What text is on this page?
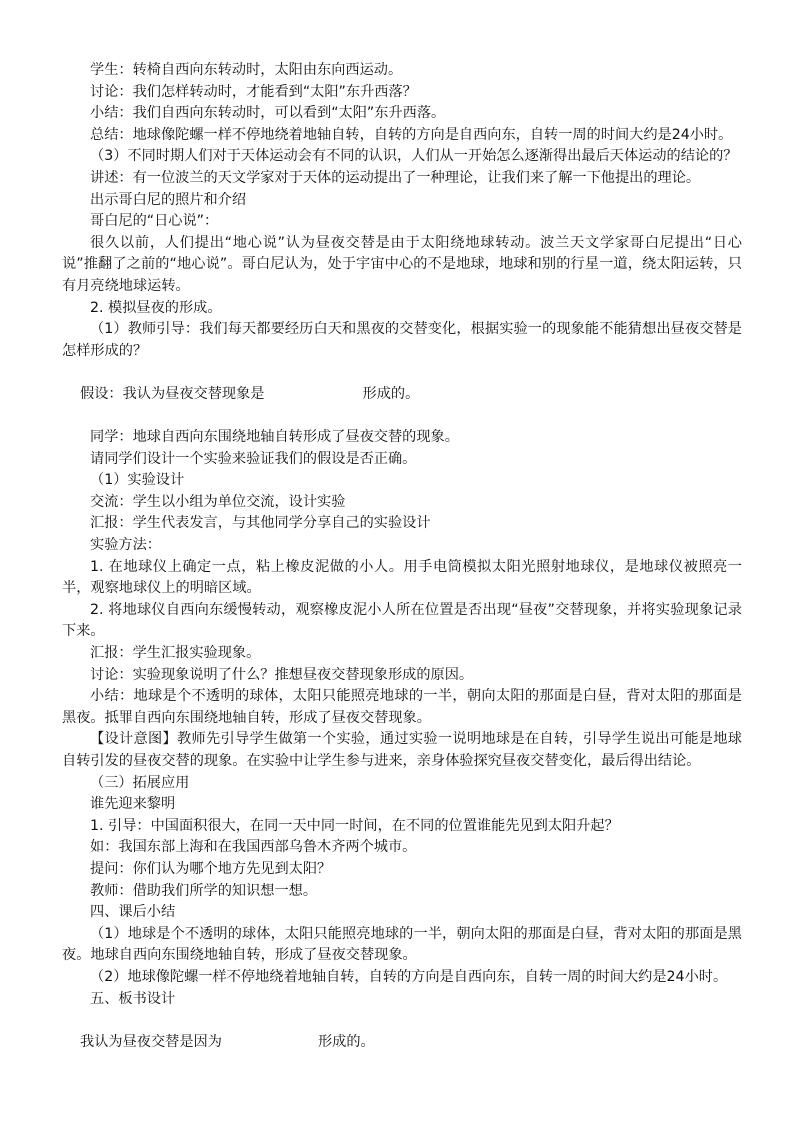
学生：转椅自西向东转动时，太阳由东向西运动。

讨论：我们怎样转动时，才能看到“太阳”东升西落？

小结：我们自西向东转动时，可以看到“太阳”东升西落。

总结：地球像陀螺一样不停地绕着地轴自转，自转的方向是自西向东，自转一周的时间大约是24小时。

（3）不同时期人们对于天体运动会有不同的认识，人们从一开始怎么逐渐得出最后天体运动的结论的？

讲述：有一位波兰的天文学家对于天体的运动提出了一种理论，让我们来了解一下他提出的理论。

出示哥白尼的照片和介绍

哥白尼的“日心说”：

很久以前，人们提出“地心说”认为昼夜交替是由于太阳绕地球转动。波兰天文学家哥白尼提出“日心说”推翻了之前的“地心说”。哥白尼认为，处于宇宙中心的不是地球，地球和别的行星一道，绕太阳运转，只有月亮绕地球运转。

2. 模拟昼夜的形成。

（1）教师引导：我们每天都要经历白天和黑夜的交替变化，根据实验一的现象能不能猜想出昼夜交替是怎样形成的？

假设：我认为昼夜交替现象是	形成的。

同学：地球自西向东围绕地轴自转形成了昼夜交替的现象。

请同学们设计一个实验来验证我们的假设是否正确。

（1）实验设计

交流：学生以小组为单位交流，设计实验

汇报：学生代表发言，与其他同学分享自己的实验设计

实验方法：

1. 在地球仪上确定一点，粘上橡皮泥做的小人。用手电筒模拟太阳光照射地球仪，是地球仪被照亮一半，观察地球仪上的明暗区域。

2. 将地球仪自西向东缓慢转动，观察橡皮泥小人所在位置是否出现“昼夜”交替现象，并将实验现象记录下来。

汇报：学生汇报实验现象。

讨论：实验现象说明了什么？推想昼夜交替现象形成的原因。

小结：地球是个不透明的球体，太阳只能照亮地球的一半，朝向太阳的那面是白昼，背对太阳的那面是黑夜。抵罪自西向东围绕地轴自转，形成了昼夜交替现象。

【设计意图】教师先引导学生做第一个实验，通过实验一说明地球是在自转，引导学生说出可能是地球自转引发的昼夜交替的现象。在实验中让学生参与进来，亲身体验探究昼夜交替变化，最后得出结论。

（三）拓展应用

谁先迎来黎明

1. 引导：中国面积很大，在同一天中同一时间，在不同的位置谁能先见到太阳升起？

如：我国东部上海和在我国西部乌鲁木齐两个城市。

提问：你们认为哪个地方先见到太阳？

教师：借助我们所学的知识想一想。

四、课后小结

（1）地球是个不透明的球体，太阳只能照亮地球的一半，朝向太阳的那面是白昼，背对太阳的那面是黑夜。地球自西向东围绕地轴自转，形成了昼夜交替现象。

（2）地球像陀螺一样不停地绕着地轴自转，自转的方向是自西向东，自转一周的时间大约是24小时。

五、板书设计

我认为昼夜交替是因为	形成的。
